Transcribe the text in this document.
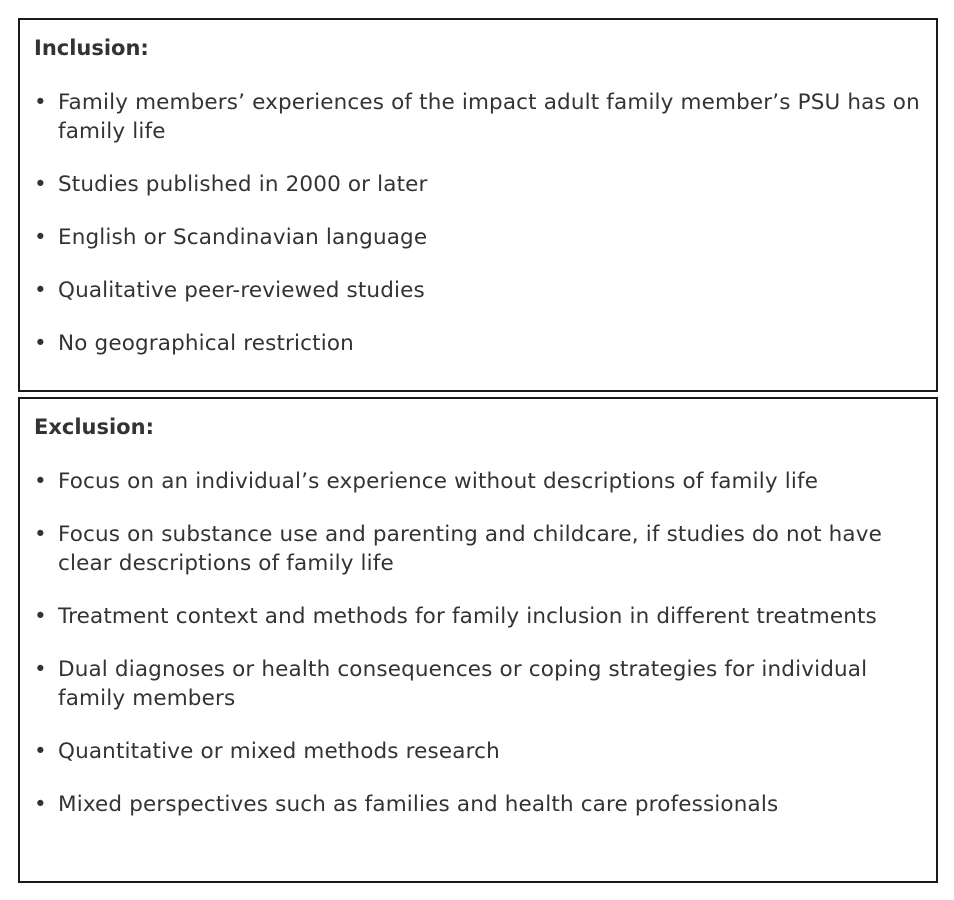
Inclusion:
• Family members’ experiences of the impact adult family member’s PSU has on family life
• Studies published in 2000 or later
• English or Scandinavian language
• Qualitative peer-reviewed studies
• No geographical restriction
Exclusion:
• Focus on an individual’s experience without descriptions of family life
• Focus on substance use and parenting and childcare, if studies do not have clear descriptions of family life
• Treatment context and methods for family inclusion in different treatments
• Dual diagnoses or health consequences or coping strategies for individual family members
• Quantitative or mixed methods research
• Mixed perspectives such as families and health care professionals
